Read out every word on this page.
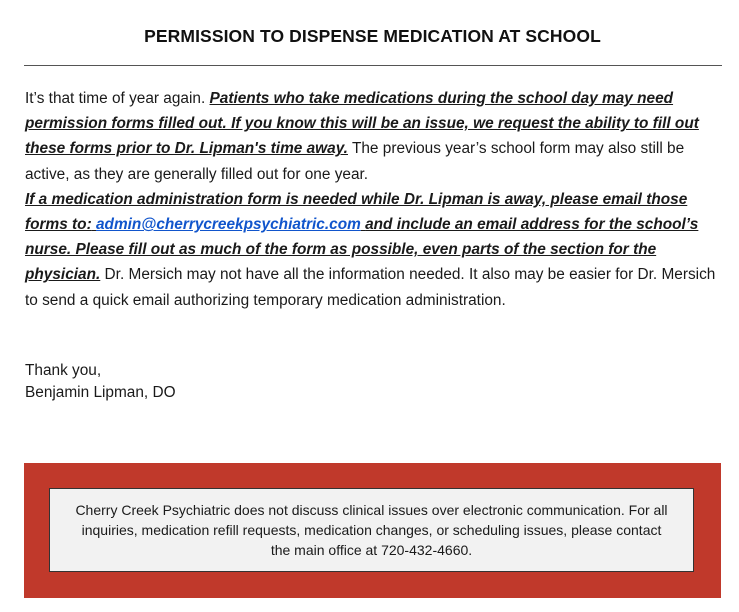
PERMISSION TO DISPENSE MEDICATION AT SCHOOL

It’s that time of year again. Patients who take medications during the school day may need permission forms filled out. If you know this will be an issue, we request the ability to fill out these forms prior to Dr. Lipman's time away. The previous year’s school form may also still be active, as they are generally filled out for one year.
If a medication administration form is needed while Dr. Lipman is away, please email those forms to: admin@cherrycreekpsychiatric.com and include an email address for the school’s nurse. Please fill out as much of the form as possible, even parts of the section for the physician. Dr. Mersich may not have all the information needed. It also may be easier for Dr. Mersich to send a quick email authorizing temporary medication administration.

Thank you,
Benjamin Lipman, DO
Cherry Creek Psychiatric does not discuss clinical issues over electronic communication. For all inquiries, medication refill requests, medication changes, or scheduling issues, please contact the main office at 720-432-4660.
